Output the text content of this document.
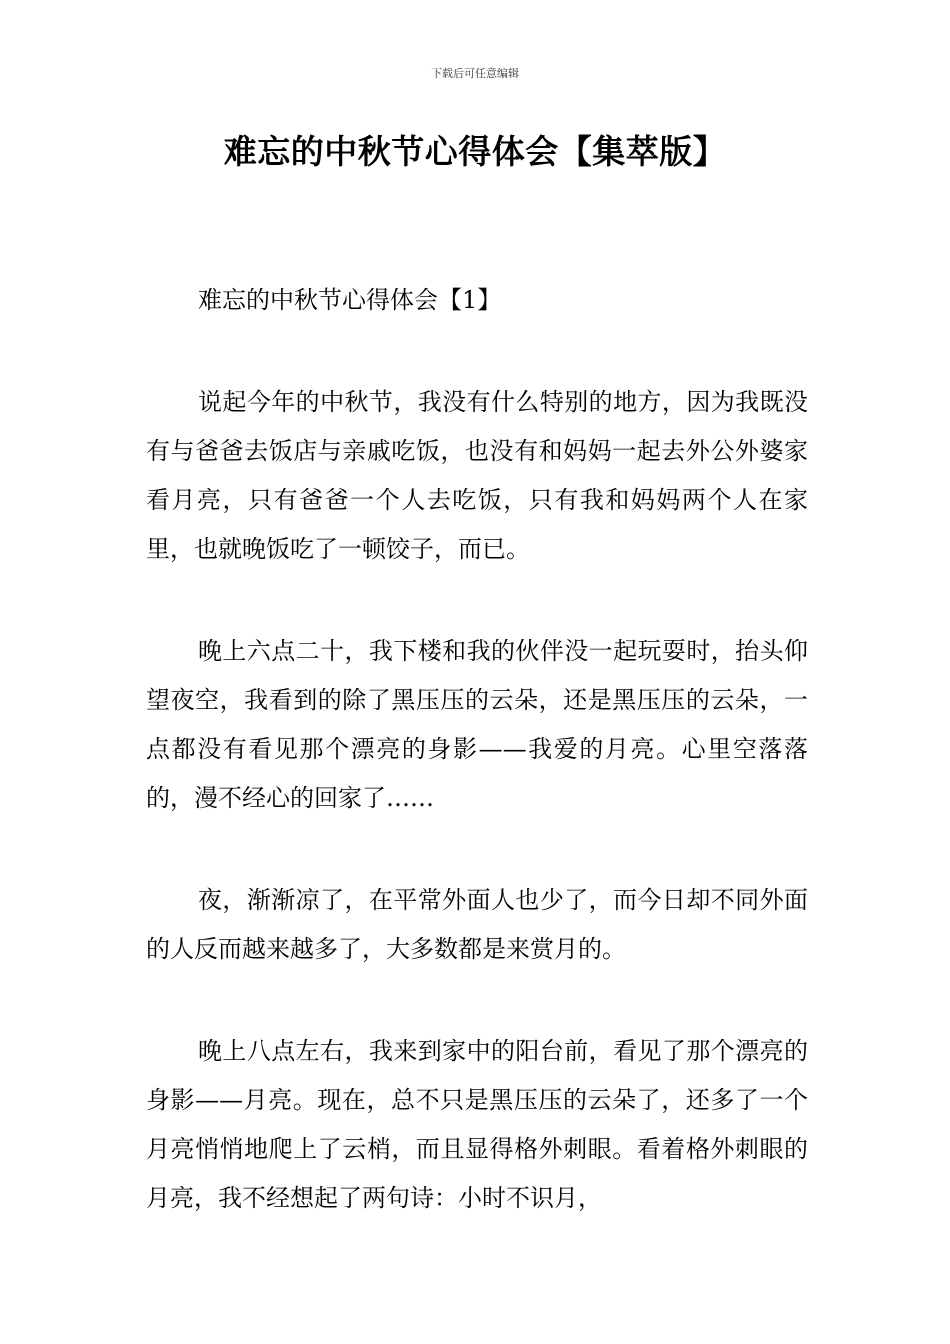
下载后可任意编辑
难忘的中秋节心得体会【集萃版】
难忘的中秋节心得体会【1】

说起今年的中秋节，我没有什么特别的地方，因为我既没有与爸爸去饭店与亲戚吃饭，也没有和妈妈一起去外公外婆家看月亮，只有爸爸一个人去吃饭，只有我和妈妈两个人在家里，也就晚饭吃了一顿饺子，而已。

晚上六点二十，我下楼和我的伙伴没一起玩耍时，抬头仰望夜空，我看到的除了黑压压的云朵，还是黑压压的云朵，一点都没有看见那个漂亮的身影——我爱的月亮。心里空落落的，漫不经心的回家了……

夜，渐渐凉了，在平常外面人也少了，而今日却不同外面的人反而越来越多了，大多数都是来赏月的。

晚上八点左右，我来到家中的阳台前，看见了那个漂亮的身影——月亮。现在，总不只是黑压压的云朵了，还多了一个月亮悄悄地爬上了云梢，而且显得格外刺眼。看着格外刺眼的月亮，我不经想起了两句诗：小时不识月，
